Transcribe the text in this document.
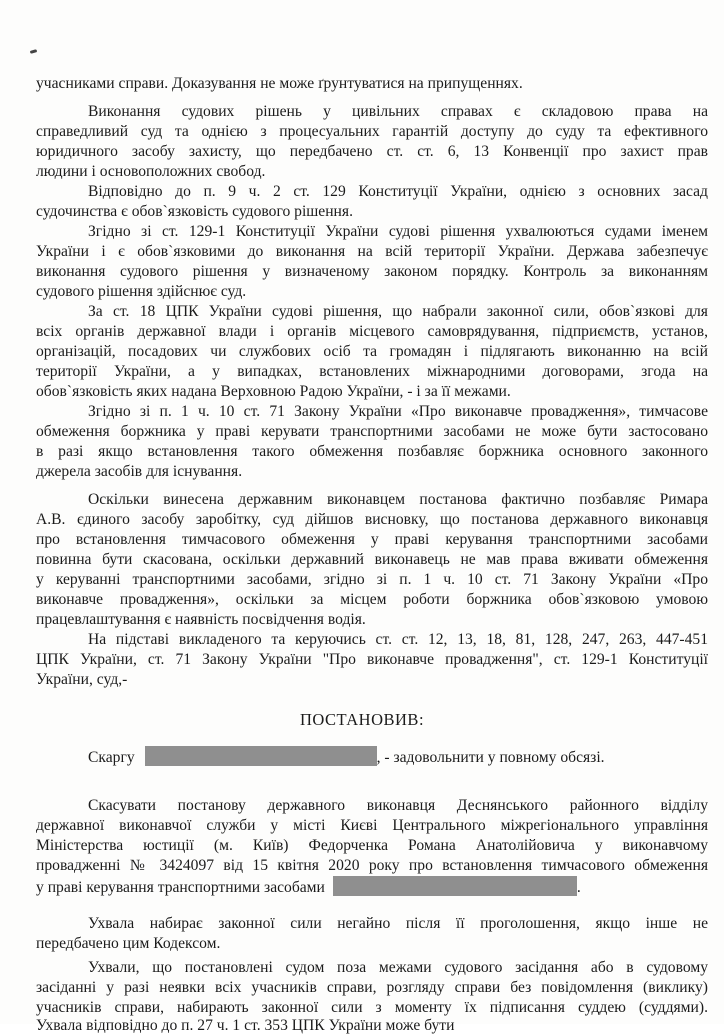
учасниками справи. Доказування не може ґрунтуватися на припущеннях.
Виконання судових рішень у цивільних справах є складовою права на
справедливий суд та однією з процесуальних гарантій доступу до суду та ефективного
юридичного засобу захисту, що передбачено ст. ст. 6, 13 Конвенції про захист прав
людини і основоположних свобод.
Відповідно до п. 9 ч. 2 ст. 129 Конституції України, однією з основних засад
судочинства є обов`язковість судового рішення.
Згідно зі ст. 129-1 Конституції України судові рішення ухвалюються судами іменем
України і є обов`язковими до виконання на всій території України. Держава забезпечує
виконання судового рішення у визначеному законом порядку. Контроль за виконанням
судового рішення здійснює суд.
За ст. 18 ЦПК України судові рішення, що набрали законної сили, обов`язкові для
всіх органів державної влади і органів місцевого самоврядування, підприємств, установ,
організацій, посадових чи службових осіб та громадян і підлягають виконанню на всій
території України, а у випадках, встановлених міжнародними договорами, згода на
обов`язковість яких надана Верховною Радою України, - і за її межами.
Згідно зі п. 1 ч. 10 ст. 71 Закону України «Про виконавче провадження», тимчасове
обмеження боржника у праві керувати транспортними засобами не може бути застосовано
в разі якщо встановлення такого обмеження позбавляє боржника основного законного
джерела засобів для існування.
Оскільки винесена державним виконавцем постанова фактично позбавляє Римара
А.В. єдиного засобу заробітку, суд дійшов висновку, що постанова державного виконавця
про встановлення тимчасового обмеження у праві керування транспортними засобами
повинна бути скасована, оскільки державний виконавець не мав права вживати обмеження
у керуванні транспортними засобами, згідно зі п. 1 ч. 10 ст. 71 Закону України «Про
виконавче провадження», оскільки за місцем роботи боржника обов`язковою умовою
працевлаштування є наявність посвідчення водія.
На підставі викладеного та керуючись ст. ст. 12, 13, 18, 81, 128, 247, 263, 447-451
ЦПК України, ст. 71 Закону України "Про виконавче провадження", ст. 129-1 Конституції
України, суд,-
ПОСТАНОВИВ:
Скаргу	, - задовольнити у повному обсязі.
Скасувати постанову державного виконавця Деснянського районного відділу
державної виконавчої служби у місті Києві Центрального міжрегіонального управління
Міністерства юстиції (м. Київ) Федорченка Романа Анатолійовича у виконавчому
провадженні № 3424097 від 15 квітня 2020 року про встановлення тимчасового обмеження
у праві керування транспортними засобами	.
Ухвала набирає законної сили негайно після її проголошення, якщо інше не
передбачено цим Кодексом.
Ухвали, що постановлені судом поза межами судового засідання або в судовому
засіданні у разі неявки всіх учасників справи, розгляду справи без повідомлення (виклику)
учасників справи, набирають законної сили з моменту їх підписання суддею (суддями).
Ухвала відповідно до п. 27 ч. 1 ст. 353 ЦПК України може бути
